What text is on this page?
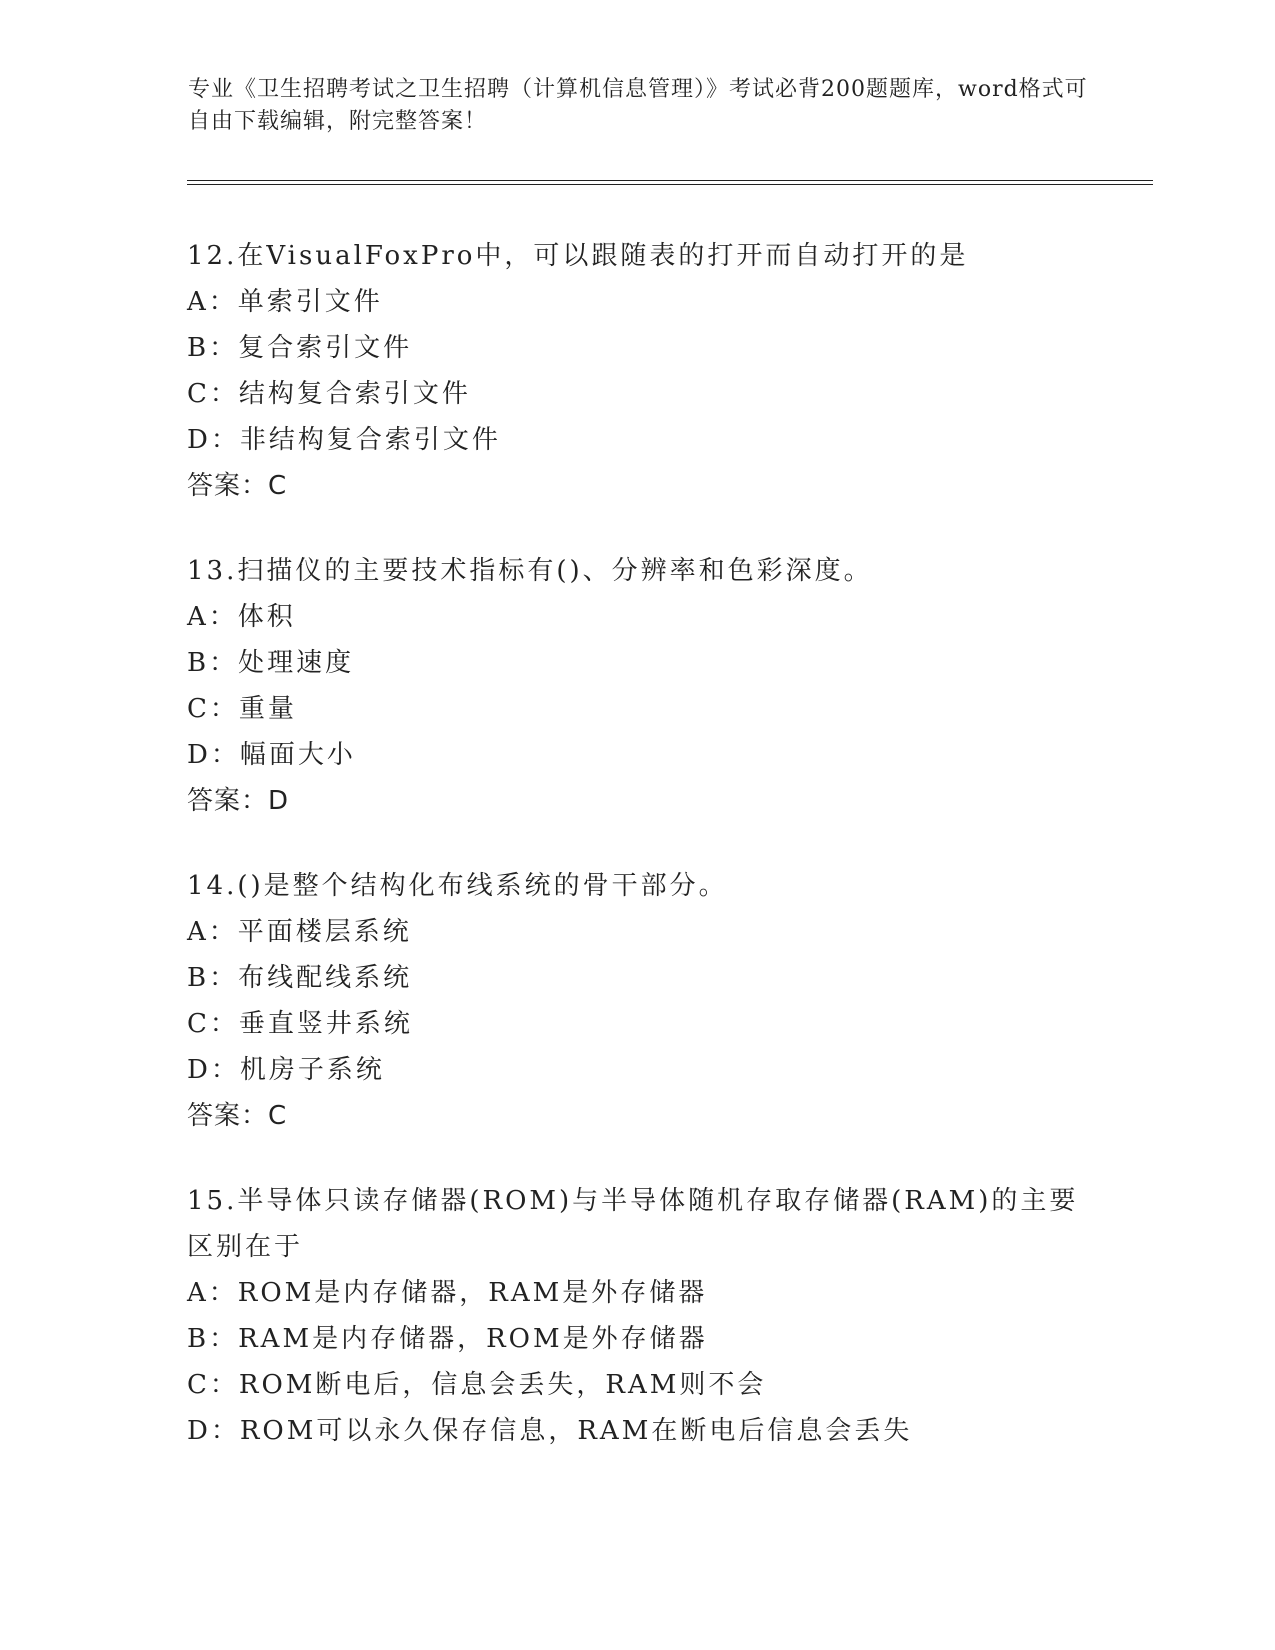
专业《卫生招聘考试之卫生招聘（计算机信息管理）》考试必背200题题库，word格式可自由下载编辑，附完整答案！
12.在VisualFoxPro中，可以跟随表的打开而自动打开的是
A：单索引文件
B：复合索引文件
C：结构复合索引文件
D：非结构复合索引文件
答案：C
13.扫描仪的主要技术指标有()、分辨率和色彩深度。
A：体积
B：处理速度
C：重量
D：幅面大小
答案：D
14.()是整个结构化布线系统的骨干部分。
A：平面楼层系统
B：布线配线系统
C：垂直竖井系统
D：机房子系统
答案：C
15.半导体只读存储器(ROM)与半导体随机存取存储器(RAM)的主要区别在于
A：ROM是内存储器，RAM是外存储器
B：RAM是内存储器，ROM是外存储器
C：ROM断电后，信息会丢失，RAM则不会
D：ROM可以永久保存信息，RAM在断电后信息会丢失
